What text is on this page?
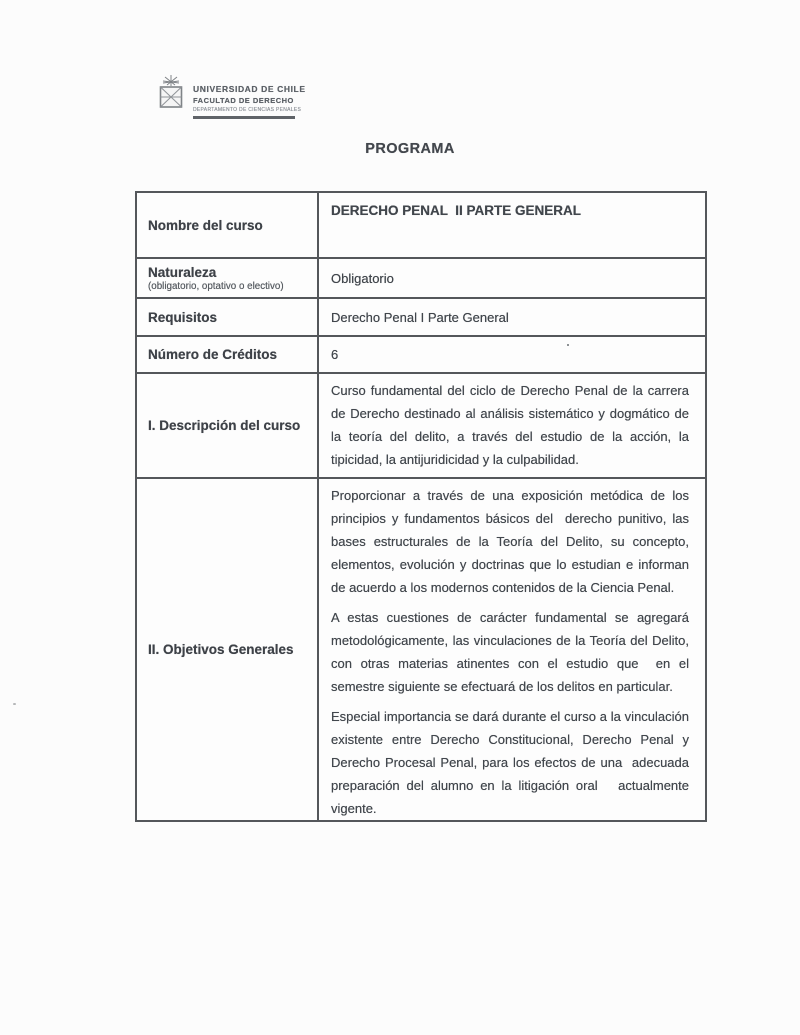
UNIVERSIDAD DE CHILE
FACULTAD DE DERECHO
DEPARTAMENTO DE CIENCIAS PENALES
PROGRAMA
Nombre del curso
DERECHO PENAL  II PARTE GENERAL
Naturaleza
(obligatorio, optativo o electivo)
Obligatorio
Requisitos	Derecho Penal I Parte General
Número de Créditos	6
I. Descripción del curso

Curso fundamental del ciclo de Derecho Penal de la carrera de Derecho destinado al análisis sistemático y dogmático de la teoría del delito, a través del estudio de la acción, la tipicidad, la antijuridicidad y la culpabilidad.

II. Objetivos Generales

Proporcionar a través de una exposición metódica de los principios y fundamentos básicos del  derecho punitivo, las bases estructurales de la Teoría del Delito, su concepto, elementos, evolución y doctrinas que lo estudian e informan de acuerdo a los modernos contenidos de la Ciencia Penal.

A estas cuestiones de carácter fundamental se agregará metodológicamente, las vinculaciones de la Teoría del Delito, con otras materias atinentes con el estudio que  en el semestre siguiente se efectuará de los delitos en particular.

Especial importancia se dará durante el curso a la vinculación existente entre Derecho Constitucional, Derecho Penal y Derecho Procesal Penal, para los efectos de una  adecuada preparación del alumno en la litigación oral   actualmente vigente.
